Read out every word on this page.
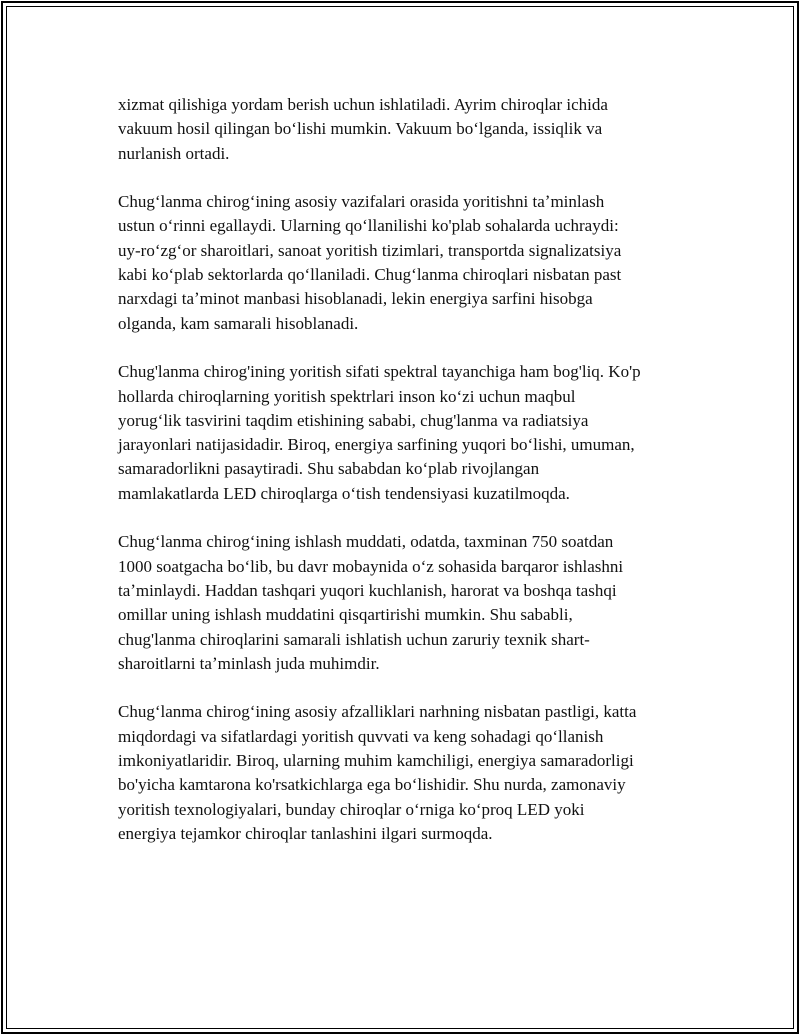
xizmat qilishiga yordam berish uchun ishlatiladi. Ayrim chiroqlar ichida
vakuum hosil qilingan boʻlishi mumkin. Vakuum boʻlganda, issiqlik va
nurlanish ortadi.

Chugʻlanma chirogʻining asosiy vazifalari orasida yoritishni taʼminlash
ustun oʻrinni egallaydi. Ularning qoʻllanilishi ko'plab sohalarda uchraydi:
uy-roʻzgʻor sharoitlari, sanoat yoritish tizimlari, transportda signalizatsiya
kabi koʻplab sektorlarda qoʻllaniladi. Chugʻlanma chiroqlari nisbatan past
narxdagi taʼminot manbasi hisoblanadi, lekin energiya sarfini hisobga
olganda, kam samarali hisoblanadi.

Chug'lanma chirog'ining yoritish sifati spektral tayanchiga ham bog'liq. Ko'p
hollarda chiroqlarning yoritish spektrlari inson koʻzi uchun maqbul
yorugʻlik tasvirini taqdim etishining sababi, chug'lanma va radiatsiya
jarayonlari natijasidadir. Biroq, energiya sarfining yuqori boʻlishi, umuman,
samaradorlikni pasaytiradi. Shu sababdan koʻplab rivojlangan
mamlakatlarda LED chiroqlarga oʻtish tendensiyasi kuzatilmoqda.

Chugʻlanma chirogʻining ishlash muddati, odatda, taxminan 750 soatdan
1000 soatgacha boʻlib, bu davr mobaynida oʻz sohasida barqaror ishlashni
taʼminlaydi. Haddan tashqari yuqori kuchlanish, harorat va boshqa tashqi
omillar uning ishlash muddatini qisqartirishi mumkin. Shu sababli,
chug'lanma chiroqlarini samarali ishlatish uchun zaruriy texnik shart-
sharoitlarni taʼminlash juda muhimdir.

Chugʻlanma chirogʻining asosiy afzalliklari narhning nisbatan pastligi, katta
miqdordagi va sifatlardagi yoritish quvvati va keng sohadagi qoʻllanish
imkoniyatlaridir. Biroq, ularning muhim kamchiligi, energiya samaradorligi
bo'yicha kamtarona ko'rsatkichlarga ega boʻlishidir. Shu nurda, zamonaviy
yoritish texnologiyalari, bunday chiroqlar oʻrniga koʻproq LED yoki
energiya tejamkor chiroqlar tanlashini ilgari surmoqda.
